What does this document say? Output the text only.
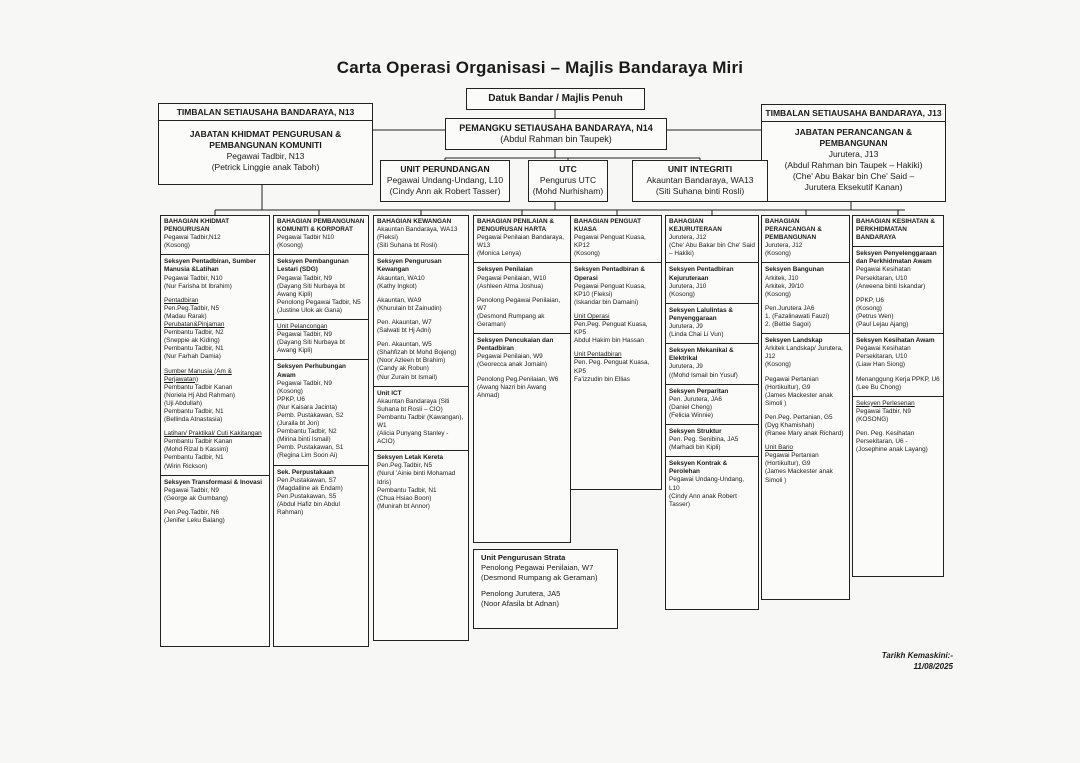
Carta Operasi Organisasi – Majlis Bandaraya Miri
Datuk Bandar / Majlis Penuh
TIMBALAN SETIAUSAHA BANDARAYA, N13
JABATAN KHIDMAT PENGURUSAN & PEMBANGUNAN KOMUNITI
Pegawai Tadbir, N13
(Petrick Linggie anak Taboh)
PEMANGKU SETIAUSAHA BANDARAYA, N14
(Abdul Rahman bin Taupek)
TIMBALAN SETIAUSAHA BANDARAYA, J13
JABATAN PERANCANGAN & PEMBANGUNAN
Jurutera, J13
(Abdul Rahman bin Taupek – Hakiki)
(Che' Abu Bakar bin Che' Said –
Jurutera Eksekutif Kanan)
UNIT PERUNDANGAN
Pegawai Undang-Undang, L10
(Cindy Ann ak Robert Tasser)
UTC
Pengurus UTC
(Mohd Nurhisham)
UNIT INTEGRITI
Akauntan Bandaraya, WA13
(Siti Suhana binti Rosli)
BAHAGIAN KHIDMAT PENGURUSAN
Pegawai Tadbir,N12
(Kosong)
Seksyen Pentadbiran, Sumber Manusia &Latihan
Pegawai Tadbir, N10
(Nur Farisha bt Ibrahim)
Pentadbiran
Pen.Peg.Tadbir, N5
(Madau Rarak)
Perubatan&Pinjaman
Pembantu Tadbir, N2
(Sneppie ak Kiding)
Pembantu Tadbir, N1
(Nur Farhah Damia)
Sumber Manusia (Am & Perjawatan)
Pembantu Tadbir Kanan
(Noriela Hj Abd Rahman)
(Uji Abdullah)
Pembantu Tadbir, N1
(Bellinda Atnastasia)
Latihan/ Praktikal/ Cuti Kakitangan
Pembantu Tadbir Kanan
(Mohd Rizal b Kassim)
Pembantu Tadbir, N1
(Wirin Rickson)
Seksyen Transformasi & Inovasi
Pegawai Tadbir, N9
(George ak Gumbang)
Pen.Peg.Tadbir, N6
(Jenifer Leku Balang)
BAHAGIAN PEMBANGUNAN KOMUNITI & KORPORAT
Pegawai Tadbir N10
(Kosong)
Seksyen Pembangunan Lestari (SDG)
Pegawai Tadbir, N9
(Dayang Siti Nurbaya bt Awang Kipli)
Penolong Pegawai Tadbir, N5
(Justine Ulok ak Gana)
Unit Pelancongan
Pegawai Tadbir, N9
(Dayang Siti Nurbaya bt Awang Kipli)
Seksyen Perhubungan Awam
Pegawai Tadbir, N9
(Kosong)
PPKP, U6
(Nur Kaisara Jacinta)
Pemb. Pustakawan, S2
(Juraila bt Jon)
Pembantu Tadbir, N2
(Mirina binti Ismail)
Pemb. Pustakawan, S1
(Regina Lim Soon Ai)
Sek. Perpustakaan
Pen.Pustakawan, S7
(Magdalline ak Endam)
Pen.Pustakawan, S5
(Abdul Hafiz bin Abdul Rahman)
BAHAGIAN KEWANGAN
Akauntan Bandaraya, WA13 (Fleksi)
(Siti Suhana bt Rosli)
Seksyen Pengurusan Kewangan
Akauntan, WA10
(Kathy Ingkot)
Akauntan, WA9
(Khurulain bt Zainudin)
Pen. Akauntan, W7
(Salwati bt Hj Adni)
Pen. Akauntan, W5
(Shahfizah bt Mohd Bojeng)
(Noor Azleen bt Brahim)
(Candy ak Robun)
(Nur Zurain bt Ismail)
Unit ICT
Akauntan Bandaraya (Siti Suhana bt Rosli – CIO)
Pembantu Tadbir (Kawangan), W1
(Alicia Punyang Stanley - ACIO)
Seksyen Letak Kereta
Pen.Peg.Tadbir, N5
(Nurul 'Ainie binti Mohamad Idris)
Pembantu Tadbir, N1
(Chua Hsiao Boon)
(Munirah bt Annor)
BAHAGIAN PENILAIAN & PENGURUSAN HARTA
Pegawai Penilaian Bandaraya, W13
(Monica Lenya)
Seksyen Penilaian
Pegawai Penilaian, W10
(Ashleen Atma Joshua)
Penolong Pegawai Penilaian, W7
(Desmond Rumpang ak Geraman)
Seksyen Pencukaian dan Pentadbiran
Pegawai Penilaian, W9
(Georecca anak Jomain)
Penolong Peg.Penilaian, W6
(Awang Nazri bin Awang Ahmad)
BAHAGIAN PENGUAT KUASA
Pegawai Penguat Kuasa, KP12
(Kosong)
Seksyen Pentadbiran & Operasi
Pegawai Penguat Kuasa, KP10 (Fleksi)
(Iskandar bin Damaini)
Unit Operasi
Pen.Peg. Penguat Kuasa, KP5
Abdul Hakim bin Hassan
Unit Pentadbiran
Pen. Peg. Penguat Kuasa, KP5
Fa'izzudin bin Ellias
BAHAGIAN KEJURUTERAAN
Jurutera, J12
(Che' Abu Bakar bin Che' Said – Hakiki)
Seksyen Pentadbiran Kejuruteraan
Jurutera, J10
(Kosong)
Seksyen Lalulintas & Penyenggaraan
Jurutera, J9
(Linda Chai Li Vun)
Seksyen Mekanikal & Elektrikal
Jurutera, J9
((Mohd Ismail bin Yusuf)
Seksyen Perparitan
Pen. Jurutera, JA6
(Daniel Cheng)
(Felicia Winnie)
Seksyen Struktur
Pen. Peg. Senibina, JA5
(Marhadi bin Kipli)
Seksyen Kontrak & Perolehan
Pegawai Undang-Undang, L10
(Cindy Ann anak Robert Tasser)
BAHAGIAN PERANCANGAN & PEMBANGUNAN
Jurutera, J12
(Kosong)
Seksyen Bangunan
Arkitek, J10
Arkitek, J9/10
(Kosong)
Pen.Jurutera JA6
1. (Fazalinawati Fauzi)
2. (Bettie Sagoi)
Seksyen Landskap
Arkitek Landskap/ Jurutera, J12
(Kosong)
Pegawai Pertanian (Hortikultur), G9
(James Mackester anak Simoli )
Pen.Peg. Pertanian, G5
(Dyg Khamishah)
(Ranee Mary anak Richard)
Unit Bario
Pegawai Pertanian (Hortikultur), G9
(James Mackester anak Simoli )
BAHAGIAN KESIHATAN & PERKHIDMATAN BANDARAYA
Seksyen Penyelenggaraan dan Perkhidmatan Awam
Pegawai Kesihatan Persekitaran, U10
(Arweena binti Iskandar)
PPKP, U6
(Kosong)
(Petrus Wen)
(Paul Lejau Ajang)
Seksyen Kesihatan Awam
Pegawai Kesihatan Persekitaran, U10
(Liaw Han Siong)
Menanggung Kerja PPKP, U6
(Lee Bu Chong)
Seksyen Perlesenan
Pegawai Tadbir, N9
(KOSONG)
Pen. Peg. Kesihatan Persekitaran, U6 -
(Josephine anak Layang)
Unit Pengurusan Strata
Penolong Pegawai Penilaian, W7
(Desmond Rumpang ak Geraman)
Penolong Jurutera, JA5
(Noor Afasila bt Adnan)
Tarikh Kemaskini:-
11/08/2025
